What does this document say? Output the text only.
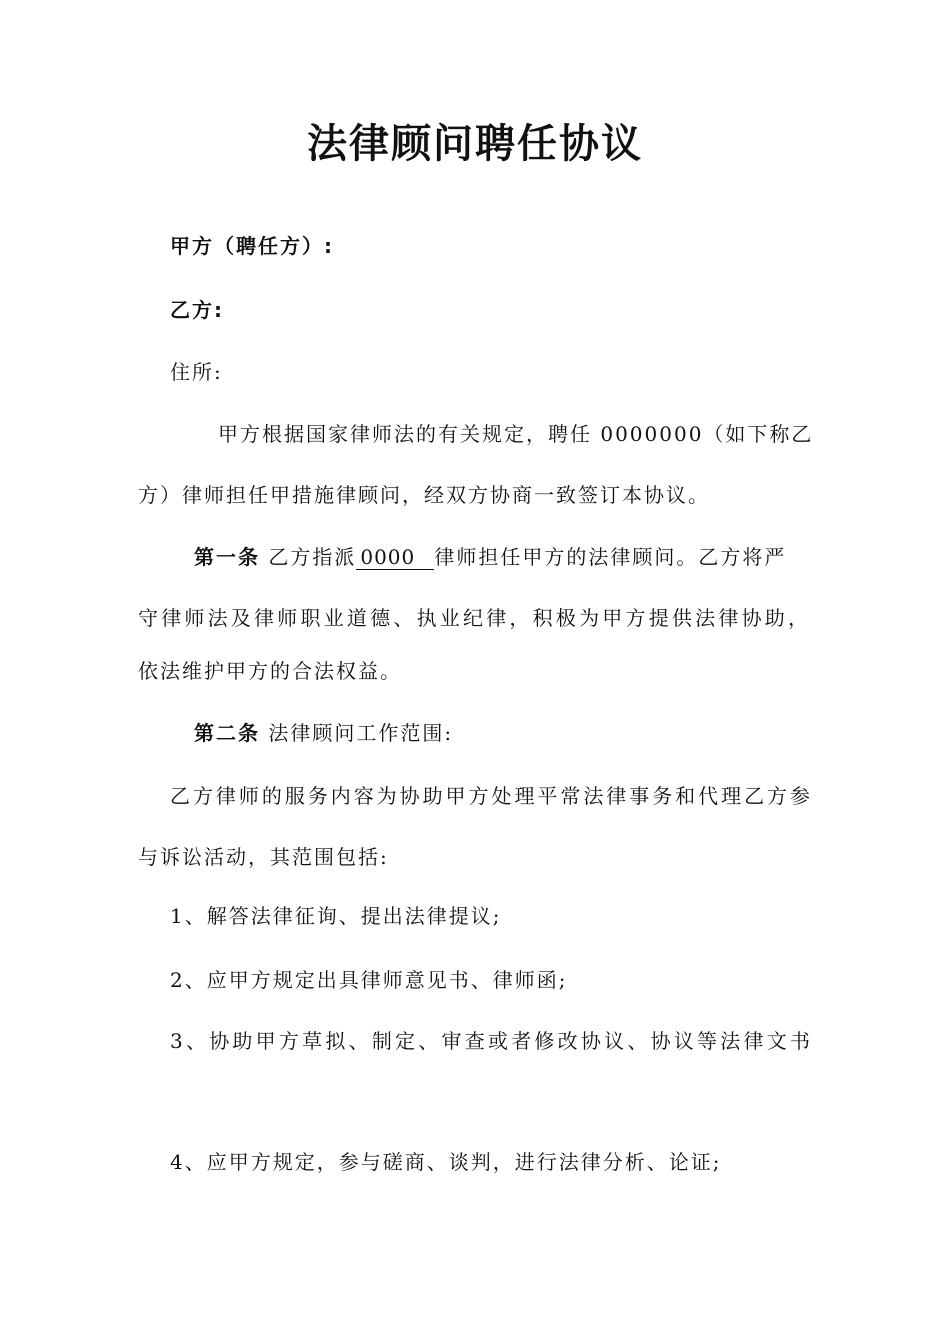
法律顾问聘任协议
甲方（聘任方）:
乙方:
住所:
甲方根据国家律师法的有关规定，聘任 0000000（如下称乙
方）律师担任甲措施律顾问，经双方协商一致签订本协议。
第一条 乙方指派 0000 律师担任甲方的法律顾问。乙方将严
守律师法及律师职业道德、执业纪律，积极为甲方提供法律协助，
依法维护甲方的合法权益。
第二条 法律顾问工作范围:
乙方律师的服务内容为协助甲方处理平常法律事务和代理乙方参
与诉讼活动，其范围包括:
1、解答法律征询、提出法律提议;
2、应甲方规定出具律师意见书、律师函;
3、协助甲方草拟、制定、审查或者修改协议、协议等法律文书
4、应甲方规定，参与磋商、谈判，进行法律分析、论证;
